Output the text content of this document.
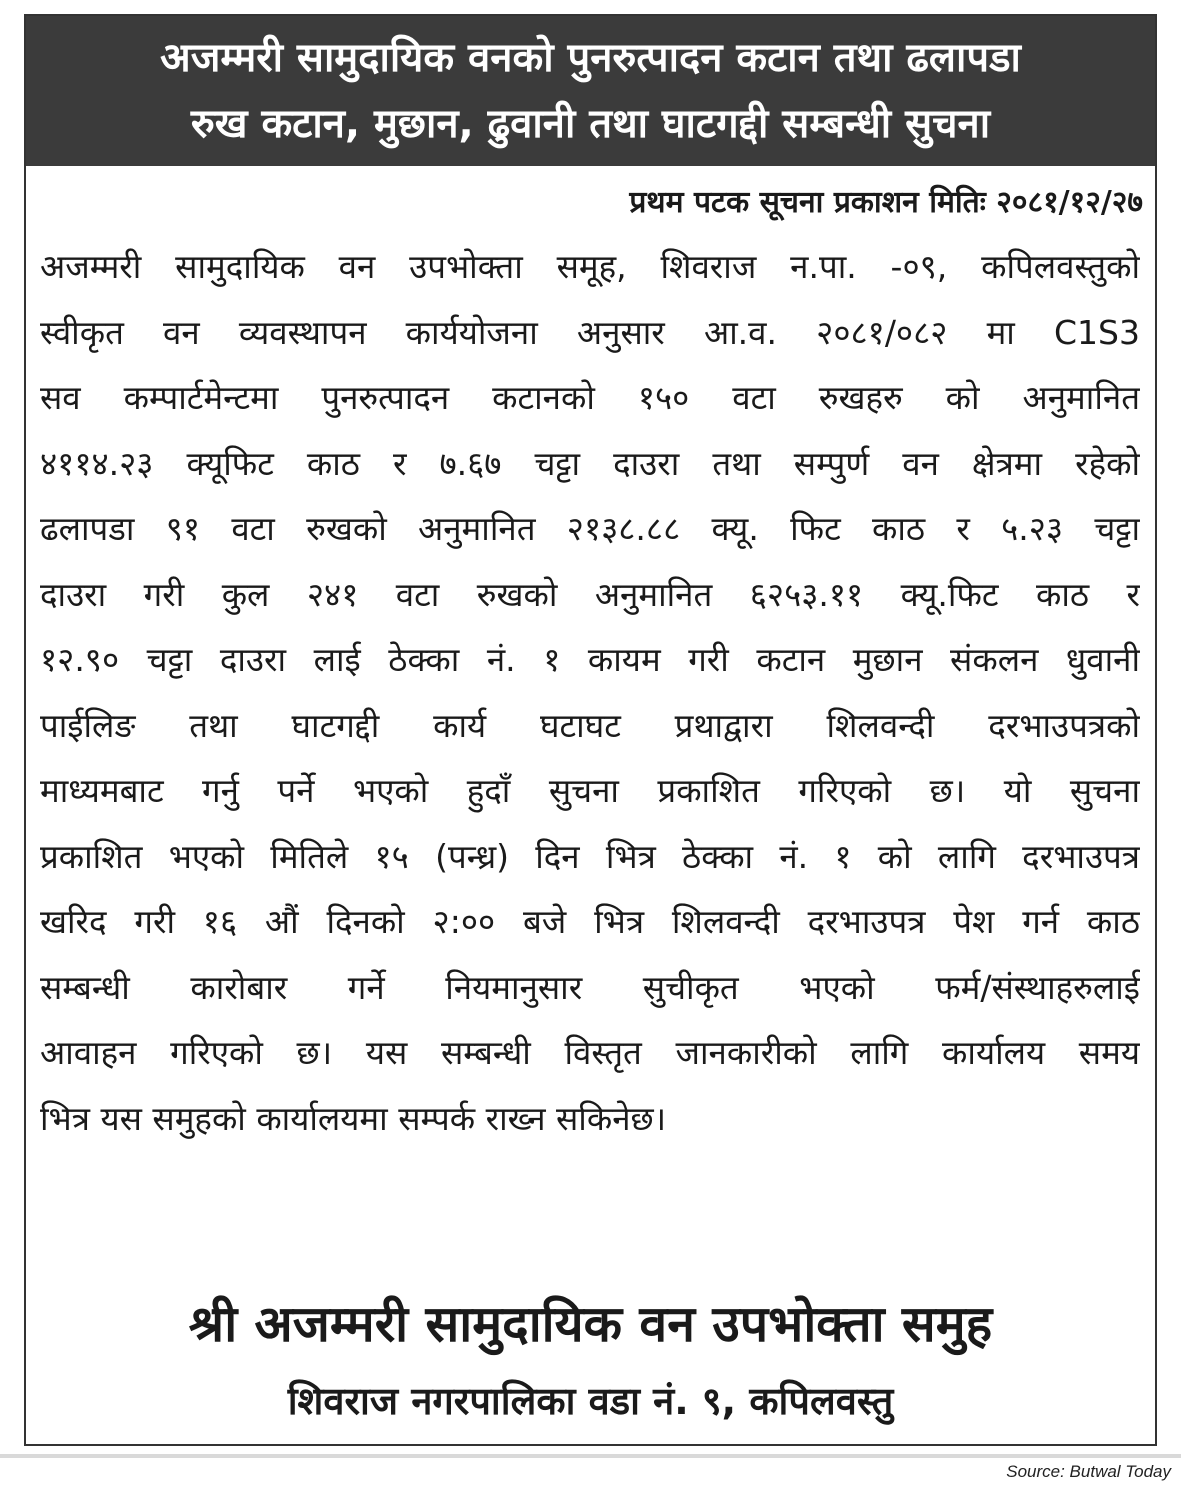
अजम्मरी सामुदायिक वनको पुनरुत्पादन कटान तथा ढलापडा
रुख कटान, मुछान, ढुवानी तथा घाटगद्दी सम्बन्धी सुचना
प्रथम पटक सूचना प्रकाशन मितिः २०८१/१२/२७
अजम्मरी सामुदायिक वन उपभोक्ता समूह, शिवराज न.पा. -०९, कपिलवस्तुको
स्वीकृत वन व्यवस्थापन कार्ययोजना अनुसार आ.व. २०८१/०८२ मा C1S3
सव कम्पार्टमेन्टमा पुनरुत्पादन कटानको १५० वटा रुखहरु को अनुमानित
४११४.२३ क्यूफिट काठ र ७.६७ चट्टा दाउरा तथा सम्पुर्ण वन क्षेत्रमा रहेको
ढलापडा ९१ वटा रुखको अनुमानित २१३८.८८ क्यू. फिट काठ र ५.२३ चट्टा
दाउरा गरी कुल २४१ वटा रुखको अनुमानित ६२५३.११ क्यू.फिट काठ र
१२.९० चट्टा दाउरा लाई ठेक्का नं. १ कायम गरी कटान मुछान संकलन धुवानी
पाईलिङ तथा घाटगद्दी कार्य घटाघट प्रथाद्वारा शिलवन्दी दरभाउपत्रको
माध्यमबाट गर्नु पर्ने भएको हुदाँ सुचना प्रकाशित गरिएको छ। यो सुचना
प्रकाशित भएको मितिले १५ (पन्ध्र) दिन भित्र ठेक्का नं. १ को लागि दरभाउपत्र
खरिद गरी १६ औं दिनको २:०० बजे भित्र शिलवन्दी दरभाउपत्र पेश गर्न काठ
सम्बन्धी कारोबार गर्ने नियमानुसार सुचीकृत भएको फर्म/संस्थाहरुलाई
आवाहन गरिएको छ। यस सम्बन्धी विस्तृत जानकारीको लागि कार्यालय समय
भित्र यस समुहको कार्यालयमा सम्पर्क राख्न सकिनेछ।
श्री अजम्मरी सामुदायिक वन उपभोक्ता समुह
शिवराज नगरपालिका वडा नं. ९, कपिलवस्तु
Source: Butwal Today
